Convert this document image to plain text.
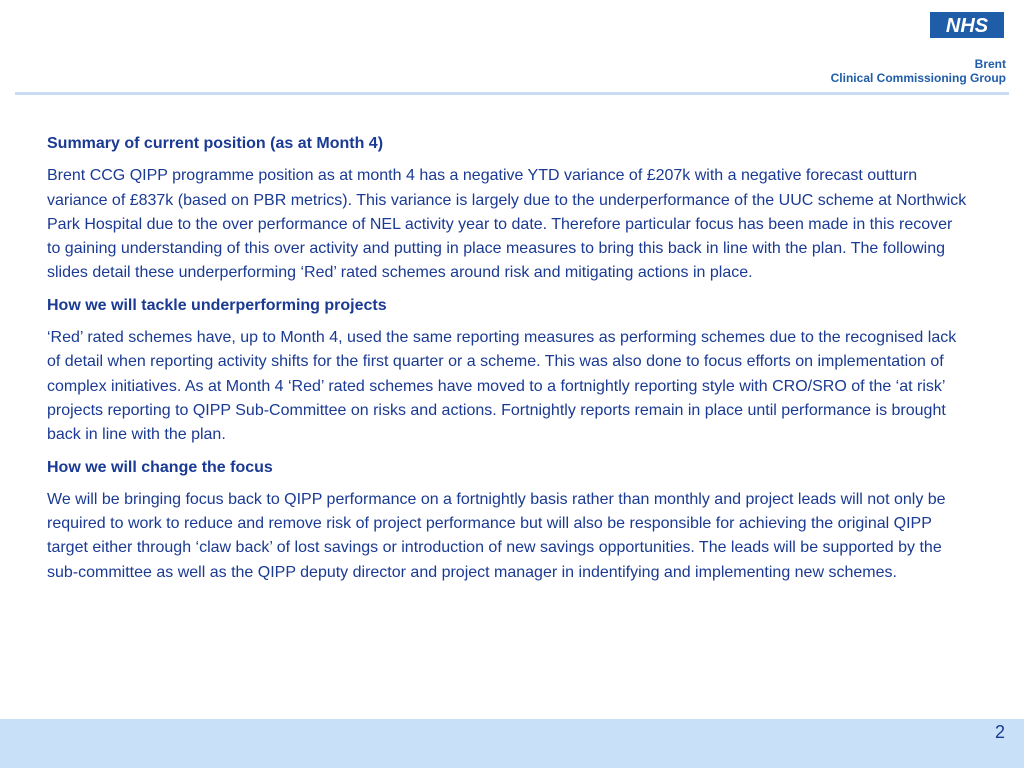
NHS
Brent
Clinical Commissioning Group
Summary of current position (as at Month 4)
Brent CCG QIPP programme position as at month 4 has a negative YTD variance of £207k with a negative forecast outturn variance of £837k (based on PBR metrics). This variance is largely due to the underperformance of the UUC scheme at Northwick Park Hospital due to the over performance of NEL activity year to date. Therefore particular focus has been made in this recover to gaining understanding of this over activity and putting in place measures to bring this back in line with the plan. The following slides detail these underperforming ‘Red’ rated schemes around risk and mitigating actions in place.
How we will tackle underperforming projects
‘Red’ rated schemes have, up to Month 4, used the same reporting measures as performing schemes due to the recognised lack of detail when reporting activity shifts for the first quarter or a scheme. This was also done to focus efforts on implementation of complex initiatives. As at Month 4 ‘Red’ rated schemes have moved to a fortnightly reporting style with CRO/SRO of the ‘at risk’ projects reporting to QIPP Sub-Committee on risks and actions. Fortnightly reports remain in place until performance is brought back in line with the plan.
How we will change the focus
We will be bringing focus back to QIPP performance on a fortnightly basis rather than monthly and project leads will not only be required to work to reduce and remove risk of project performance but will also be responsible for achieving the original QIPP target either through ‘claw back’ of lost savings or introduction of new savings opportunities. The leads will be supported by the sub-committee as well as the QIPP deputy director and project manager in indentifying and implementing new schemes.
2
